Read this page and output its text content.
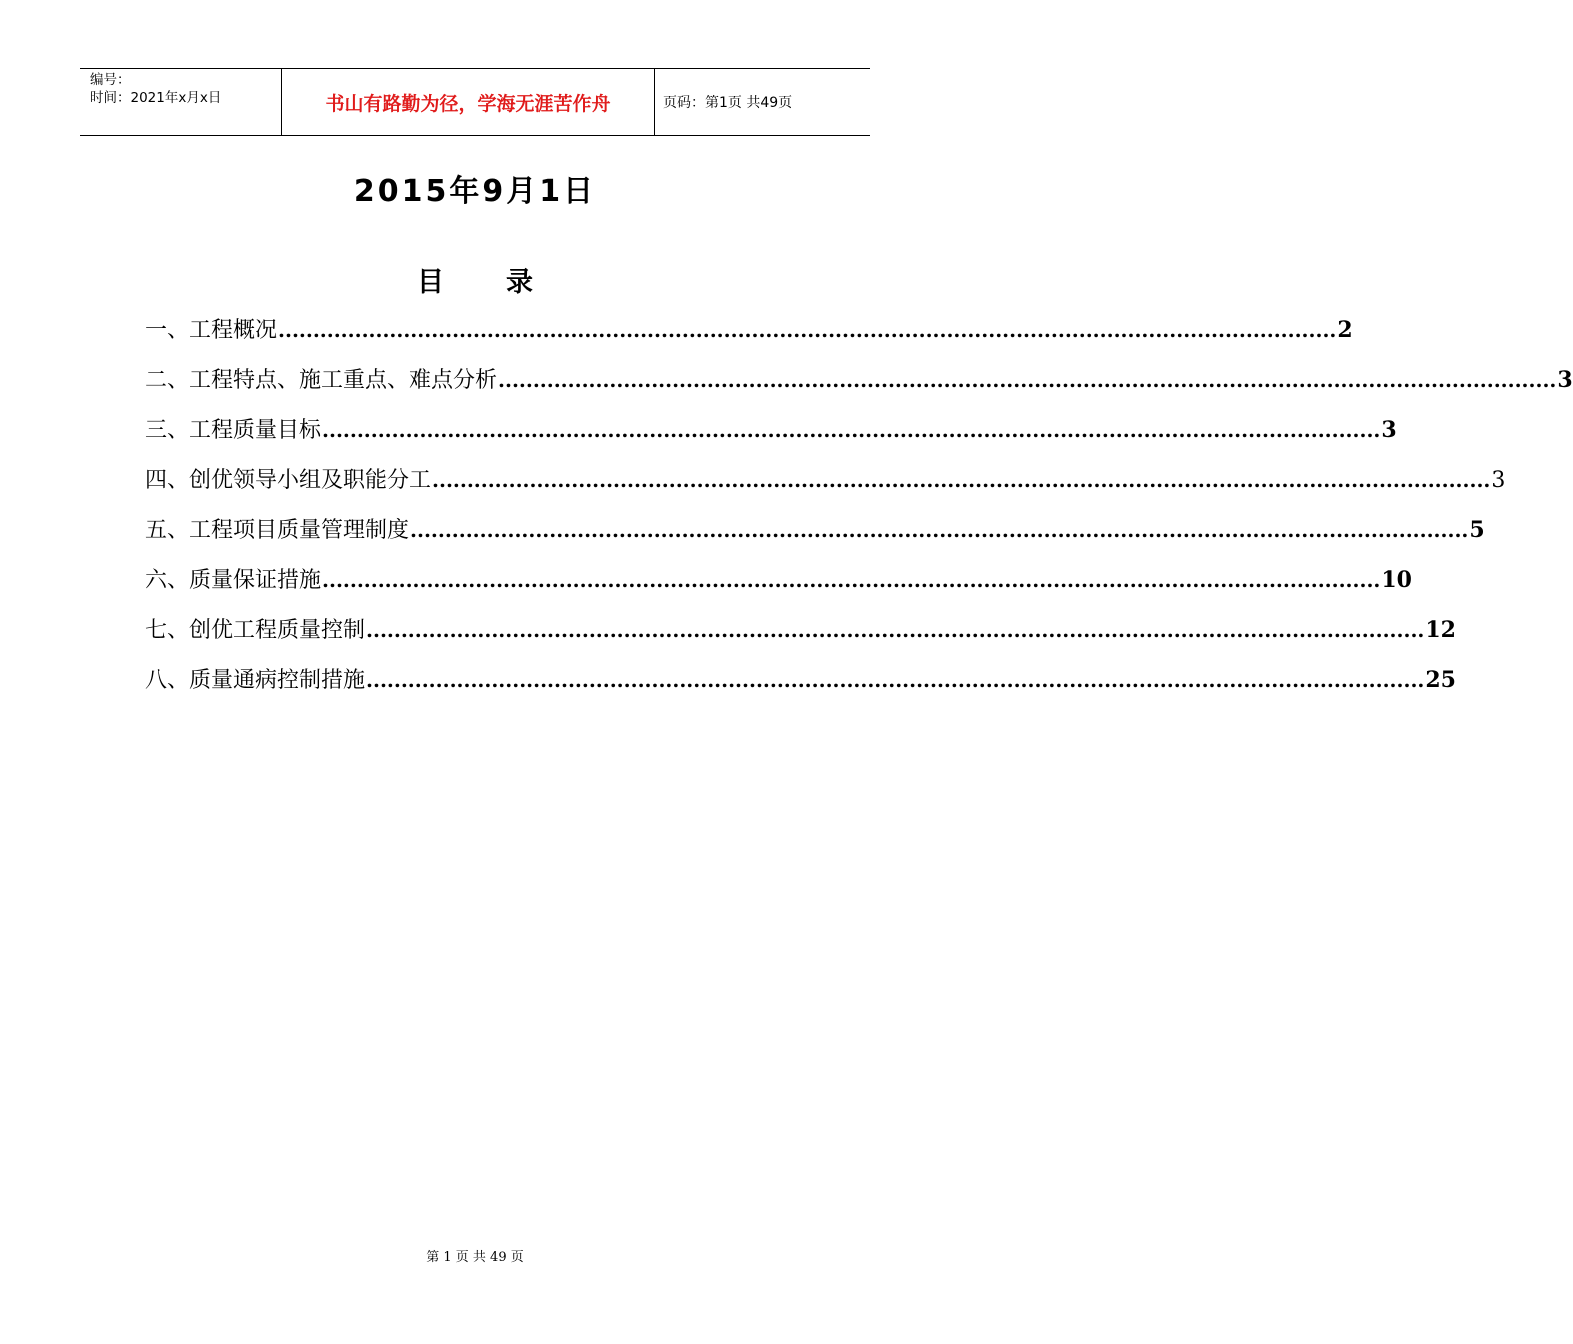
编号：
时间：2021年x月x日	书山有路勤为径，学海无涯苦作舟	页码：第1页 共49页
2015年9月1日
目 录
一、工程概况 ........................................................................................................................................................ 2
二、工程特点、施工重点、难点分析 ........................................................................................................................................................ 3
三、工程质量目标 ........................................................................................................................................................ 3
四、创优领导小组及职能分工 ........................................................................................................................................................ 3
五、工程项目质量管理制度 ........................................................................................................................................................ 5
六、质量保证措施 ........................................................................................................................................................ 10
七、创优工程质量控制 ........................................................................................................................................................ 12
八、质量通病控制措施 ........................................................................................................................................................ 25
第 1 页 共 49 页
